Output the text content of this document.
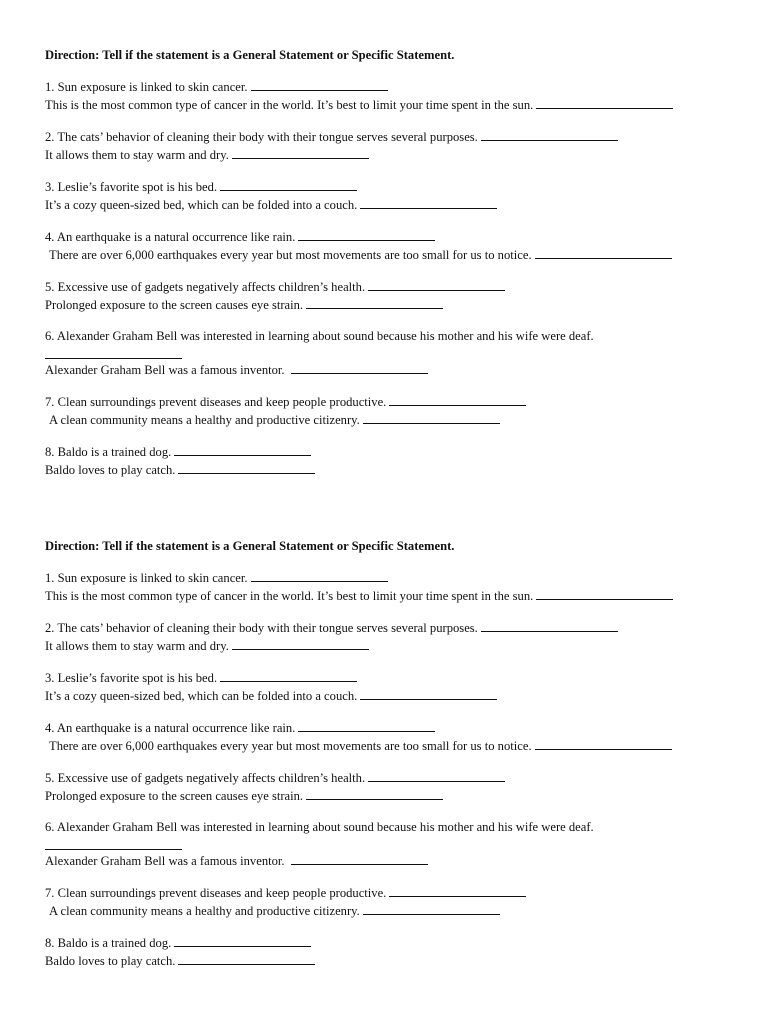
Direction: Tell if the statement is a General Statement or Specific Statement.
1. Sun exposure is linked to skin cancer.
This is the most common type of cancer in the world. It’s best to limit your time spent in the sun.
2. The cats’ behavior of cleaning their body with their tongue serves several purposes.
It allows them to stay warm and dry.
3. Leslie’s favorite spot is his bed.
It’s a cozy queen-sized bed, which can be folded into a couch.
4. An earthquake is a natural occurrence like rain.
There are over 6,000 earthquakes every year but most movements are too small for us to notice.
5. Excessive use of gadgets negatively affects children’s health.
Prolonged exposure to the screen causes eye strain.
6. Alexander Graham Bell was interested in learning about sound because his mother and his wife were deaf.
Alexander Graham Bell was a famous inventor.
7. Clean surroundings prevent diseases and keep people productive.
A clean community means a healthy and productive citizenry.
8. Baldo is a trained dog.
Baldo loves to play catch.
Direction: Tell if the statement is a General Statement or Specific Statement.
1. Sun exposure is linked to skin cancer.
This is the most common type of cancer in the world. It’s best to limit your time spent in the sun.
2. The cats’ behavior of cleaning their body with their tongue serves several purposes.
It allows them to stay warm and dry.
3. Leslie’s favorite spot is his bed.
It’s a cozy queen-sized bed, which can be folded into a couch.
4. An earthquake is a natural occurrence like rain.
There are over 6,000 earthquakes every year but most movements are too small for us to notice.
5. Excessive use of gadgets negatively affects children’s health.
Prolonged exposure to the screen causes eye strain.
6. Alexander Graham Bell was interested in learning about sound because his mother and his wife were deaf.
Alexander Graham Bell was a famous inventor.
7. Clean surroundings prevent diseases and keep people productive.
A clean community means a healthy and productive citizenry.
8. Baldo is a trained dog.
Baldo loves to play catch.
